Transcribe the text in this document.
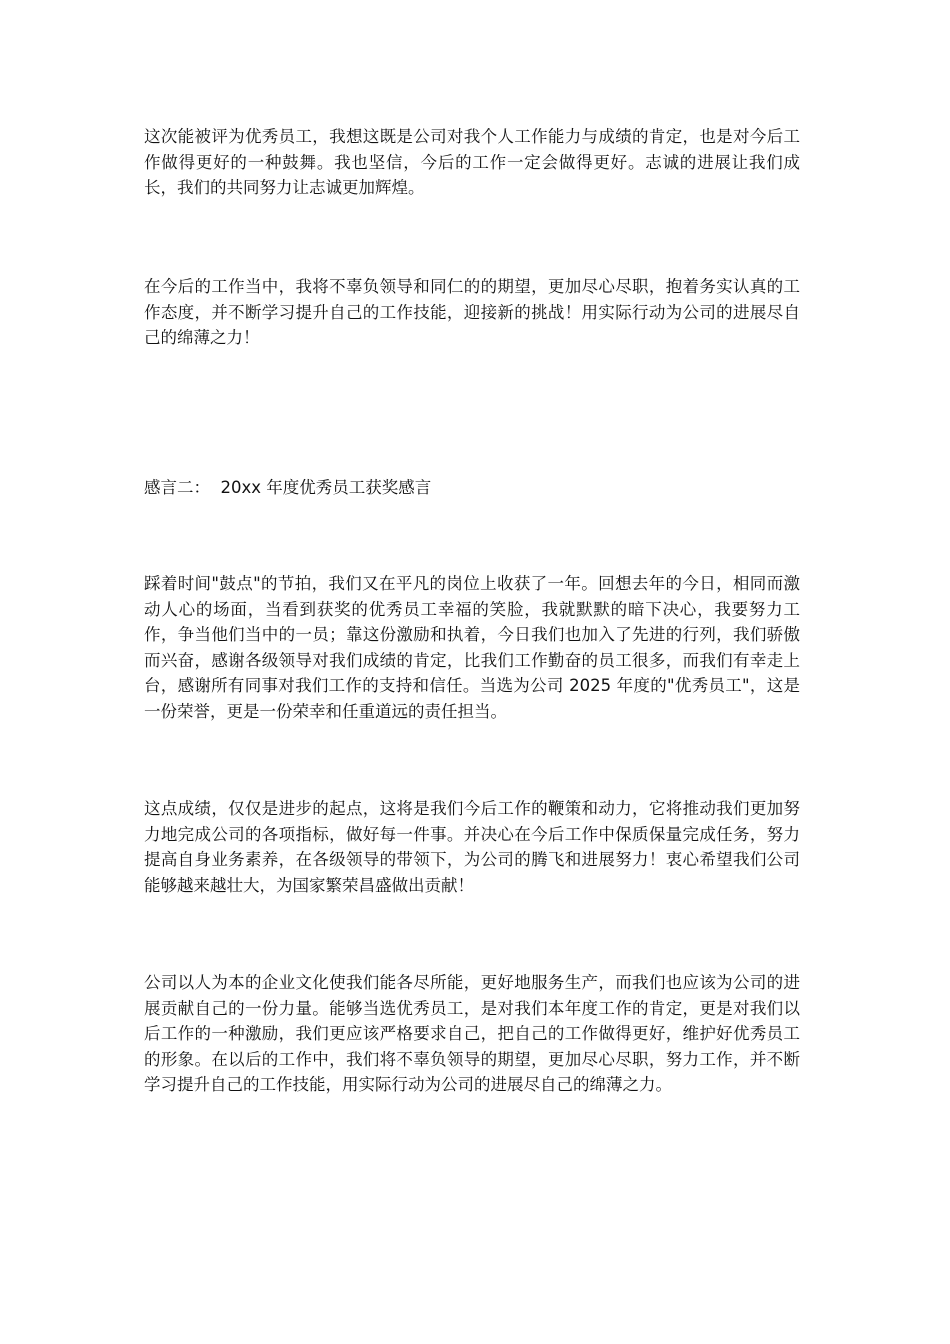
这次能被评为优秀员工，我想这既是公司对我个人工作能力与成绩的肯定，也是对今后工作做得更好的一种鼓舞。我也坚信，今后的工作一定会做得更好。志诚的进展让我们成长，我们的共同努力让志诚更加辉煌。

在今后的工作当中，我将不辜负领导和同仁的的期望，更加尽心尽职，抱着务实认真的工作态度，并不断学习提升自己的工作技能，迎接新的挑战！用实际行动为公司的进展尽自己的绵薄之力！

感言二：  20xx 年度优秀员工获奖感言

踩着时间"鼓点"的节拍，我们又在平凡的岗位上收获了一年。回想去年的今日，相同而激动人心的场面，当看到获奖的优秀员工幸福的笑脸，我就默默的暗下决心，我要努力工作，争当他们当中的一员；靠这份激励和执着，今日我们也加入了先进的行列，我们骄傲而兴奋，感谢各级领导对我们成绩的肯定，比我们工作勤奋的员工很多，而我们有幸走上台，感谢所有同事对我们工作的支持和信任。当选为公司 2025 年度的"优秀员工"，这是一份荣誉，更是一份荣幸和任重道远的责任担当。

这点成绩，仅仅是进步的起点，这将是我们今后工作的鞭策和动力，它将推动我们更加努力地完成公司的各项指标，做好每一件事。并决心在今后工作中保质保量完成任务，努力提高自身业务素养，在各级领导的带领下，为公司的腾飞和进展努力！衷心希望我们公司能够越来越壮大，为国家繁荣昌盛做出贡献！

公司以人为本的企业文化使我们能各尽所能，更好地服务生产，而我们也应该为公司的进展贡献自己的一份力量。能够当选优秀员工，是对我们本年度工作的肯定，更是对我们以后工作的一种激励，我们更应该严格要求自己，把自己的工作做得更好，维护好优秀员工的形象。在以后的工作中，我们将不辜负领导的期望，更加尽心尽职，努力工作，并不断学习提升自己的工作技能，用实际行动为公司的进展尽自己的绵薄之力。
